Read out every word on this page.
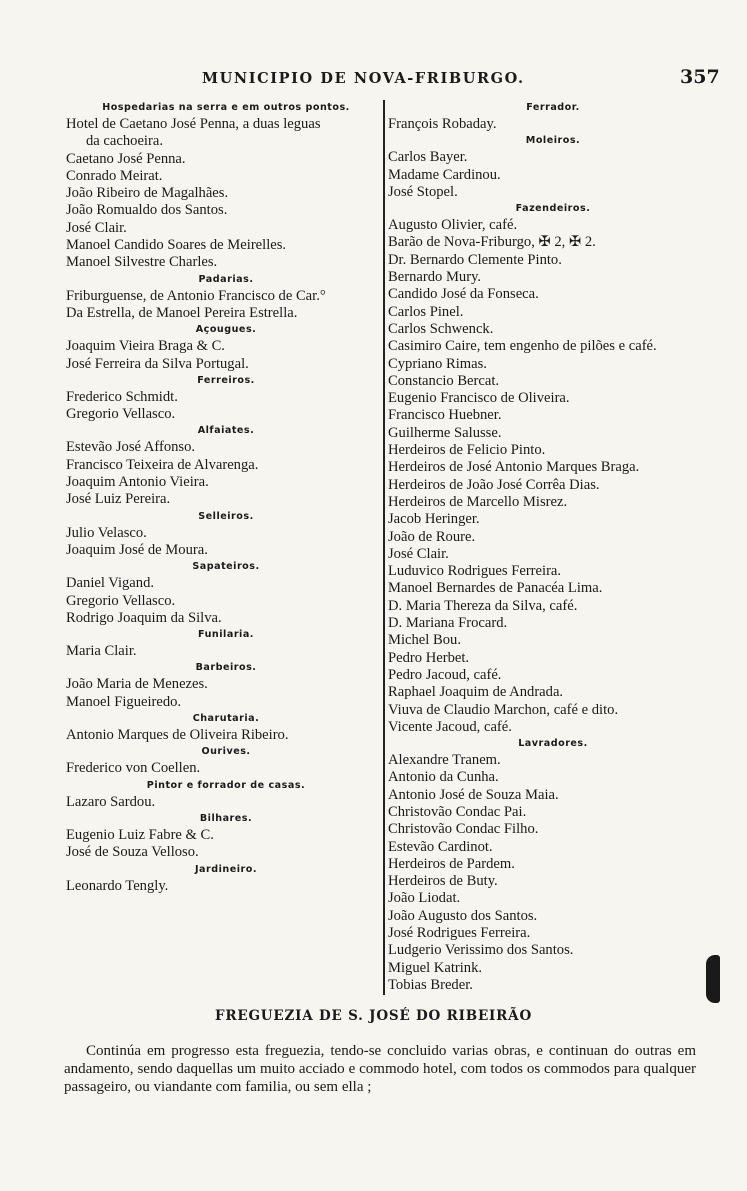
MUNICIPIO DE NOVA-FRIBURGO.	357
Hospedarias na serra e em outros pontos.
Hotel de Caetano José Penna, a duas leguas
da cachoeira.
Caetano José Penna.
Conrado Meirat.
João Ribeiro de Magalhães.
João Romualdo dos Santos.
José Clair.
Manoel Candido Soares de Meirelles.
Manoel Silvestre Charles.
Padarias.
Friburguense, de Antonio Francisco de Car.°
Da Estrella, de Manoel Pereira Estrella.
Açougues.
Joaquim Vieira Braga & C.
José Ferreira da Silva Portugal.
Ferreiros.
Frederico Schmidt.
Gregorio Vellasco.
Alfaiates.
Estevão José Affonso.
Francisco Teixeira de Alvarenga.
Joaquim Antonio Vieira.
José Luiz Pereira.
Selleiros.
Julio Velasco.
Joaquim José de Moura.
Sapateiros.
Daniel Vigand.
Gregorio Vellasco.
Rodrigo Joaquim da Silva.
Funilaria.
Maria Clair.
Barbeiros.
João Maria de Menezes.
Manoel Figueiredo.
Charutaria.
Antonio Marques de Oliveira Ribeiro.
Ourives.
Frederico von Coellen.
Pintor e forrador de casas.
Lazaro Sardou.
Bilhares.
Eugenio Luiz Fabre & C.
José de Souza Velloso.
Jardineiro.
Leonardo Tengly.
Ferrador.
François Robaday.
Moleiros.
Carlos Bayer.
Madame Cardinou.
José Stopel.
Fazendeiros.
Augusto Olivier, café.
Barão de Nova-Friburgo, ✠ 2, ✠ 2.
Dr. Bernardo Clemente Pinto.
Bernardo Mury.
Candido José da Fonseca.
Carlos Pinel.
Carlos Schwenck.
Casimiro Caire, tem engenho de pilões e café.
Cypriano Rimas.
Constancio Bercat.
Eugenio Francisco de Oliveira.
Francisco Huebner.
Guilherme Salusse.
Herdeiros de Felicio Pinto.
Herdeiros de José Antonio Marques Braga.
Herdeiros de João José Corrêa Dias.
Herdeiros de Marcello Misrez.
Jacob Heringer.
João de Roure.
José Clair.
Luduvico Rodrigues Ferreira.
Manoel Bernardes de Panacéa Lima.
D. Maria Thereza da Silva, café.
D. Mariana Frocard.
Michel Bou.
Pedro Herbet.
Pedro Jacoud, café.
Raphael Joaquim de Andrada.
Viuva de Claudio Marchon, café e dito.
Vicente Jacoud, café.
Lavradores.
Alexandre Tranem.
Antonio da Cunha.
Antonio José de Souza Maia.
Christovão Condac Pai.
Christovão Condac Filho.
Estevão Cardinot.
Herdeiros de Pardem.
Herdeiros de Buty.
João Liodat.
João Augusto dos Santos.
José Rodrigues Ferreira.
Ludgerio Verissimo dos Santos.
Miguel Katrink.
Tobias Breder.
FREGUEZIA DE S. JOSÉ DO RIBEIRÃO
Continúa em progresso esta freguezia, tendo-se concluido varias obras, e continuan do outras em andamento, sendo daquellas um muito acciado e commodo hotel, com todos os commodos para qualquer passageiro, ou viandante com familia, ou sem ella ;
